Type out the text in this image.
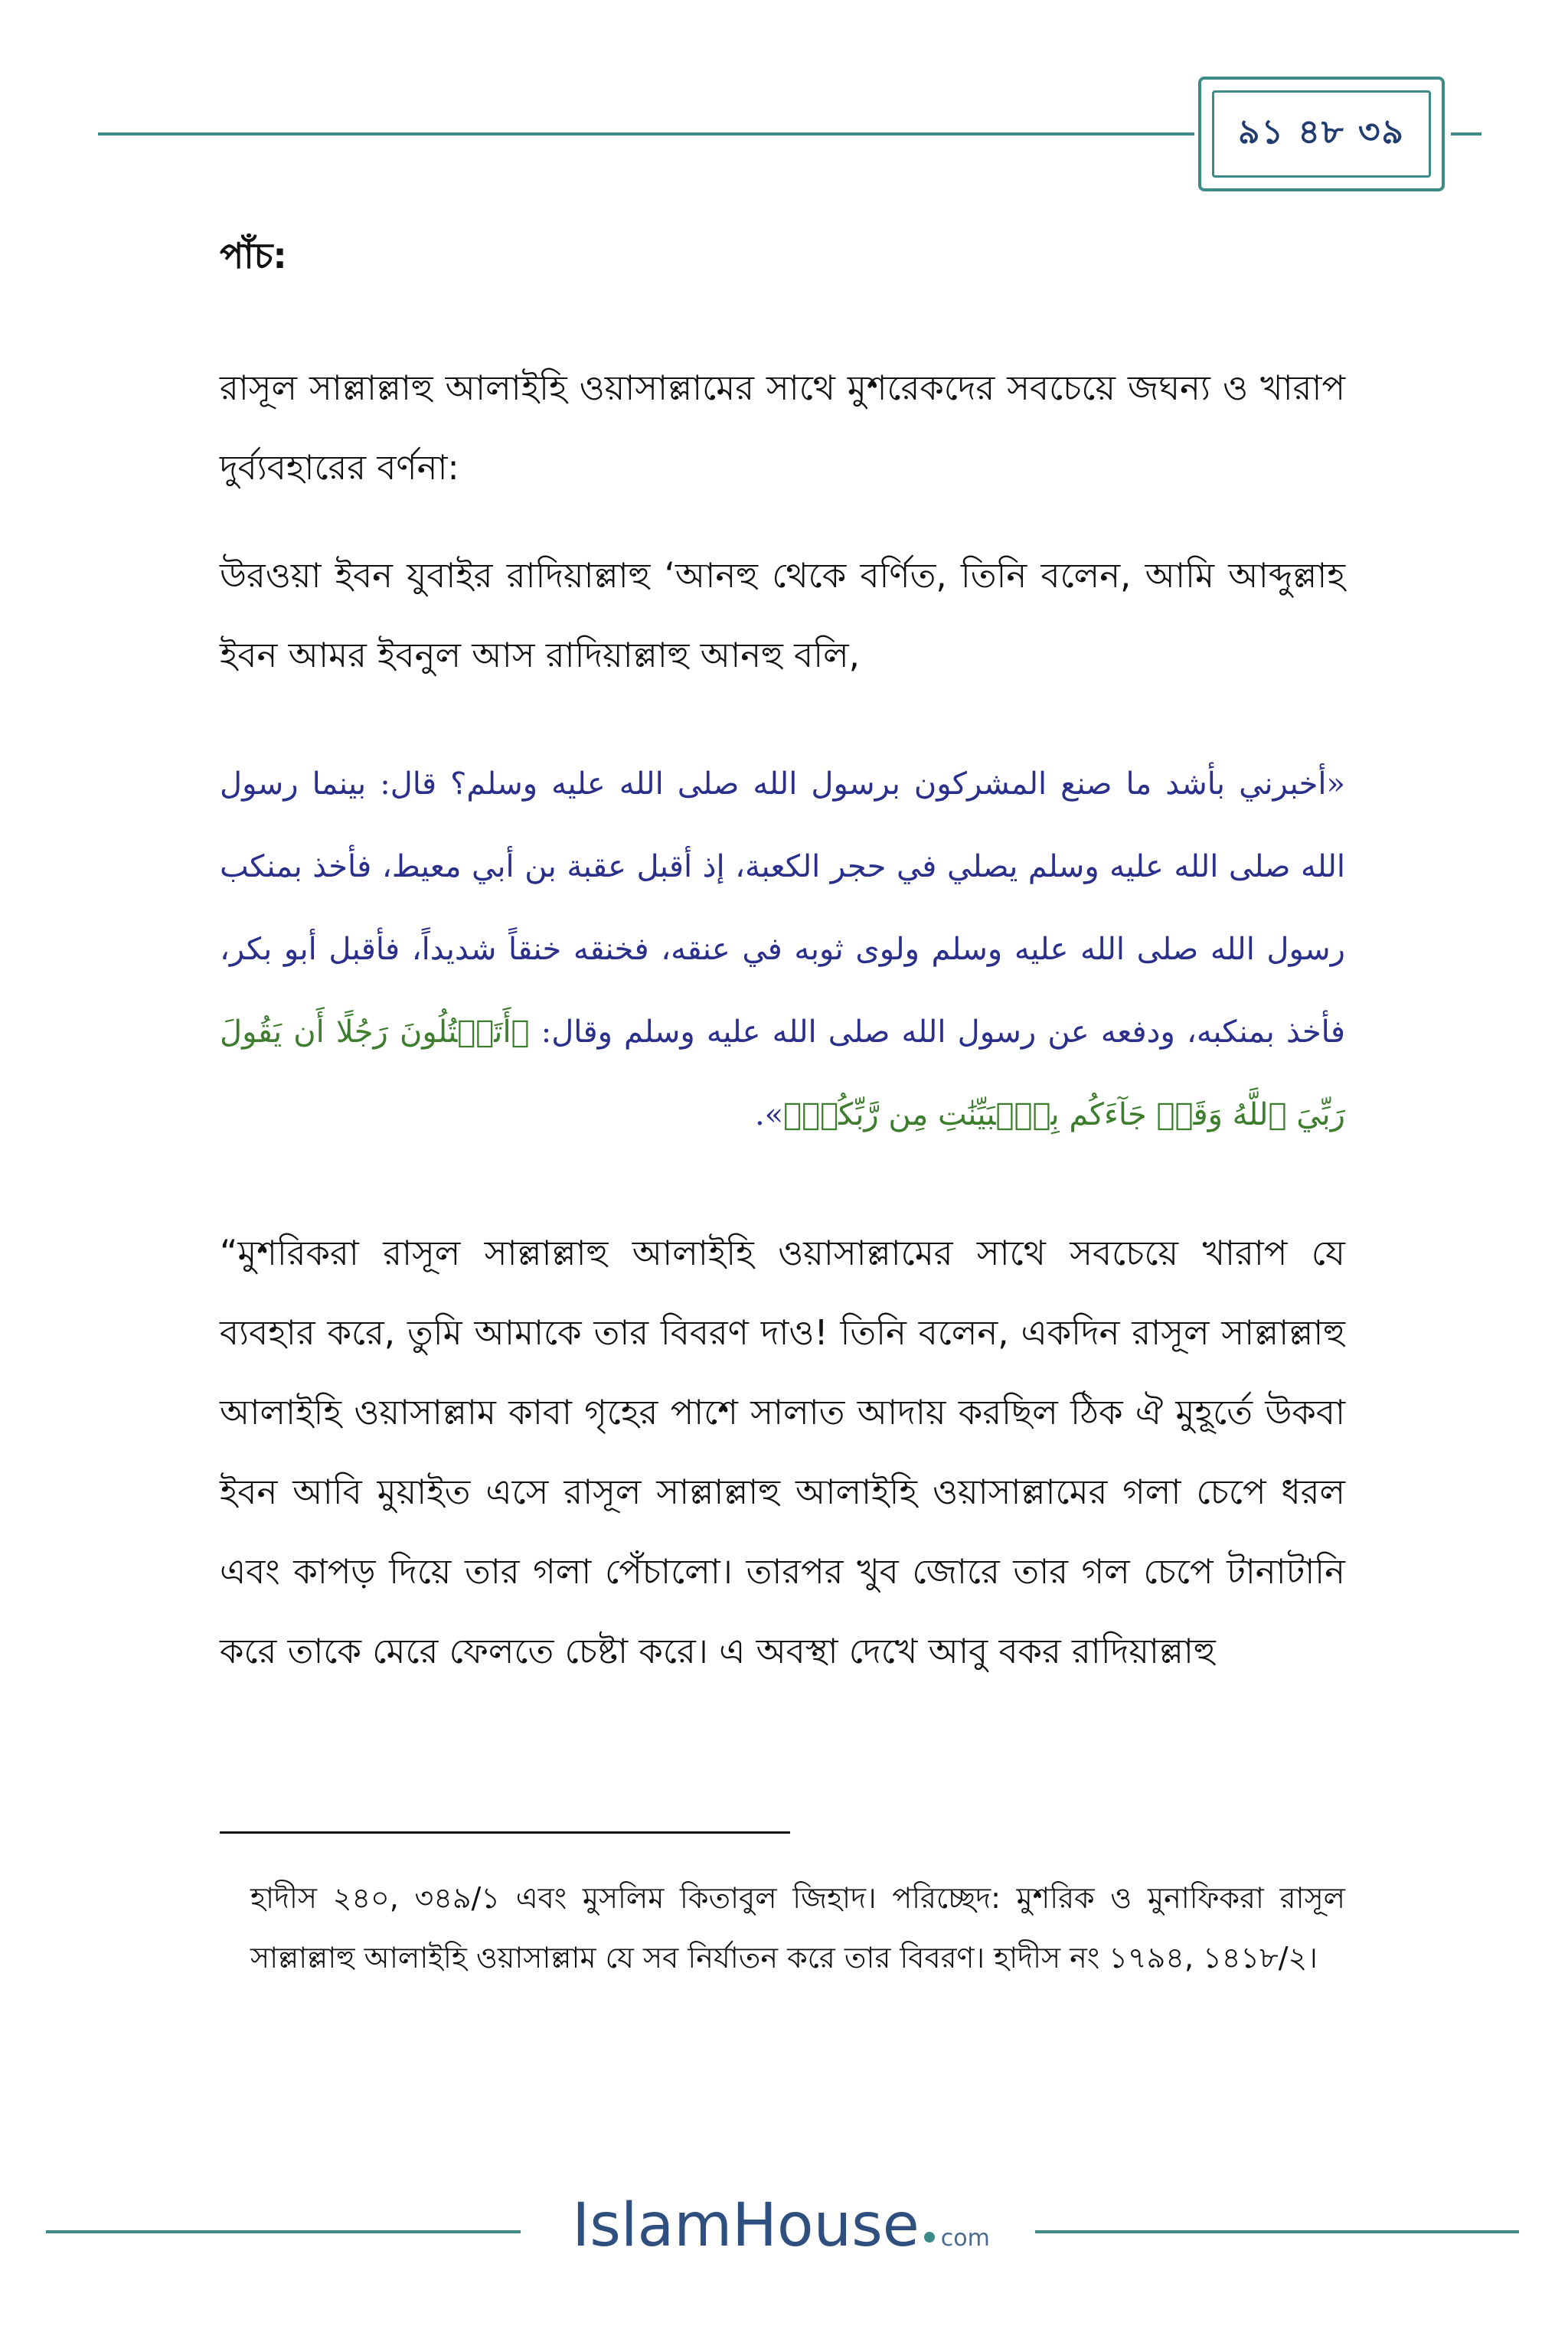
৯১ ৪৮ ৩৯
পাঁচ:
রাসূল সাল্লাল্লাহু আলাইহি ওয়াসাল্লামের সাথে মুশরেকদের সবচেয়ে জঘন্য ও খারাপ দুর্ব্যবহারের বর্ণনা:
উরওয়া ইবন যুবাইর রাদিয়াল্লাহু ‘আনহু থেকে বর্ণিত, তিনি বলেন, আমি আব্দুল্লাহ ইবন আমর ইবনুল আস রাদিয়াল্লাহু আনহু বলি,
«أخبرني بأشد ما صنع المشركون برسول الله صلى الله عليه وسلم؟ قال: بينما رسول الله صلى الله عليه وسلم يصلي في حجر الكعبة، إذ أقبل عقبة بن أبي معيط، فأخذ بمنكب رسول الله صلى الله عليه وسلم ولوى ثوبه في عنقه، فخنقه خنقاً شديداً، فأقبل أبو بكر، فأخذ بمنكبه، ودفعه عن رسول الله صلى الله عليه وسلم وقال: ﴿أَتَقۡتُلُونَ رَجُلًا أَن يَقُولَ رَبِّيَ ٱللَّهُ وَقَدۡ جَآءَكُم بِٱلۡبَيِّنَٰتِ مِن رَّبِّكُمۡ﴾».
“মুশরিকরা রাসূল সাল্লাল্লাহু আলাইহি ওয়াসাল্লামের সাথে সবচেয়ে খারাপ যে ব্যবহার করে, তুমি আমাকে তার বিবরণ দাও! তিনি বলেন, একদিন রাসূল সাল্লাল্লাহু আলাইহি ওয়াসাল্লাম কাবা গৃহের পাশে সালাত আদায় করছিল ঠিক ঐ মুহূর্তে উকবা ইবন আবি মুয়াইত এসে রাসূল সাল্লাল্লাহু আলাইহি ওয়াসাল্লামের গলা চেপে ধরল এবং কাপড় দিয়ে তার গলা পেঁচালো। তারপর খুব জোরে তার গল চেপে টানাটানি করে তাকে মেরে ফেলতে চেষ্টা করে। এ অবস্থা দেখে আবু বকর রাদিয়াল্লাহু
হাদীস ২৪০, ৩৪৯/১ এবং মুসলিম কিতাবুল জিহাদ। পরিচ্ছেদ: মুশরিক ও মুনাফিকরা রাসূল সাল্লাল্লাহু আলাইহি ওয়াসাল্লাম যে সব নির্যাতন করে তার বিবরণ। হাদীস নং ১৭৯৪, ১৪১৮/২।
IslamHouse com
